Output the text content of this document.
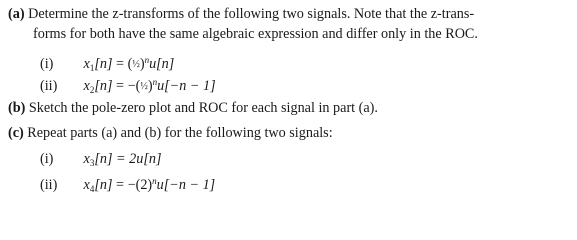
(a) Determine the z-transforms of the following two signals. Note that the z-trans-
forms for both have the same algebraic expression and differ only in the ROC.
(i) $x_1[n]$ = (½)$^n$u[n]
(ii) $x_2[n]$ = −(½)$^n$u[−n − 1]
(b) Sketch the pole-zero plot and ROC for each signal in part (a).
(c) Repeat parts (a) and (b) for the following two signals:
(i) $x_3[n] = 2u[n]$
(ii) $x_4[n] = -(2)^nu[-n - 1]$
